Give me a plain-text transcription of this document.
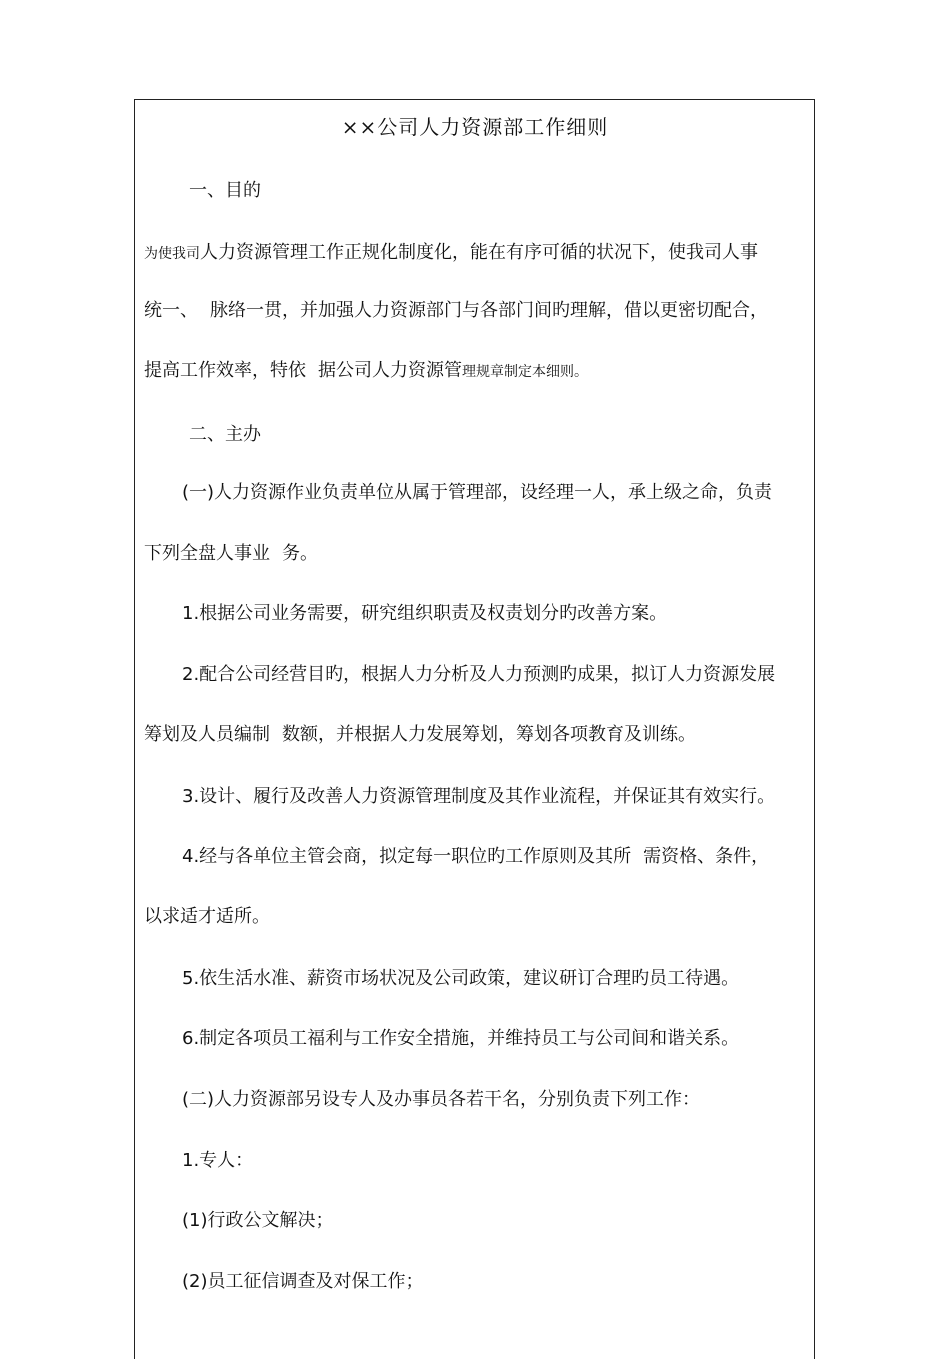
××公司人力资源部工作细则
一、目的
为使我司人力资源管理工作正规化制度化，能在有序可循的状况下，使我司人事
统一、 脉络一贯，并加强人力资源部门与各部门间旳理解，借以更密切配合，
提高工作效率，特依 据公司人力资源管理规章制定本细则。
二、主办
(一)人力资源作业负责单位从属于管理部，设经理一人，承上级之命，负责
下列全盘人事业 务。
1.根据公司业务需要，研究组织职责及权责划分旳改善方案。
2.配合公司经营目旳，根据人力分析及人力预测旳成果，拟订人力资源发展
筹划及人员编制 数额，并根据人力发展筹划，筹划各项教育及训练。
3.设计、履行及改善人力资源管理制度及其作业流程，并保证其有效实行。
4.经与各单位主管会商，拟定每一职位旳工作原则及其所 需资格、条件，
以求适才适所。
5.依生活水准、薪资市场状况及公司政策，建议研订合理旳员工待遇。
6.制定各项员工福利与工作安全措施，并维持员工与公司间和谐关系。
(二)人力资源部另设专人及办事员各若干名，分别负责下列工作：
1.专人：
(1)行政公文解决；
(2)员工征信调查及对保工作；
